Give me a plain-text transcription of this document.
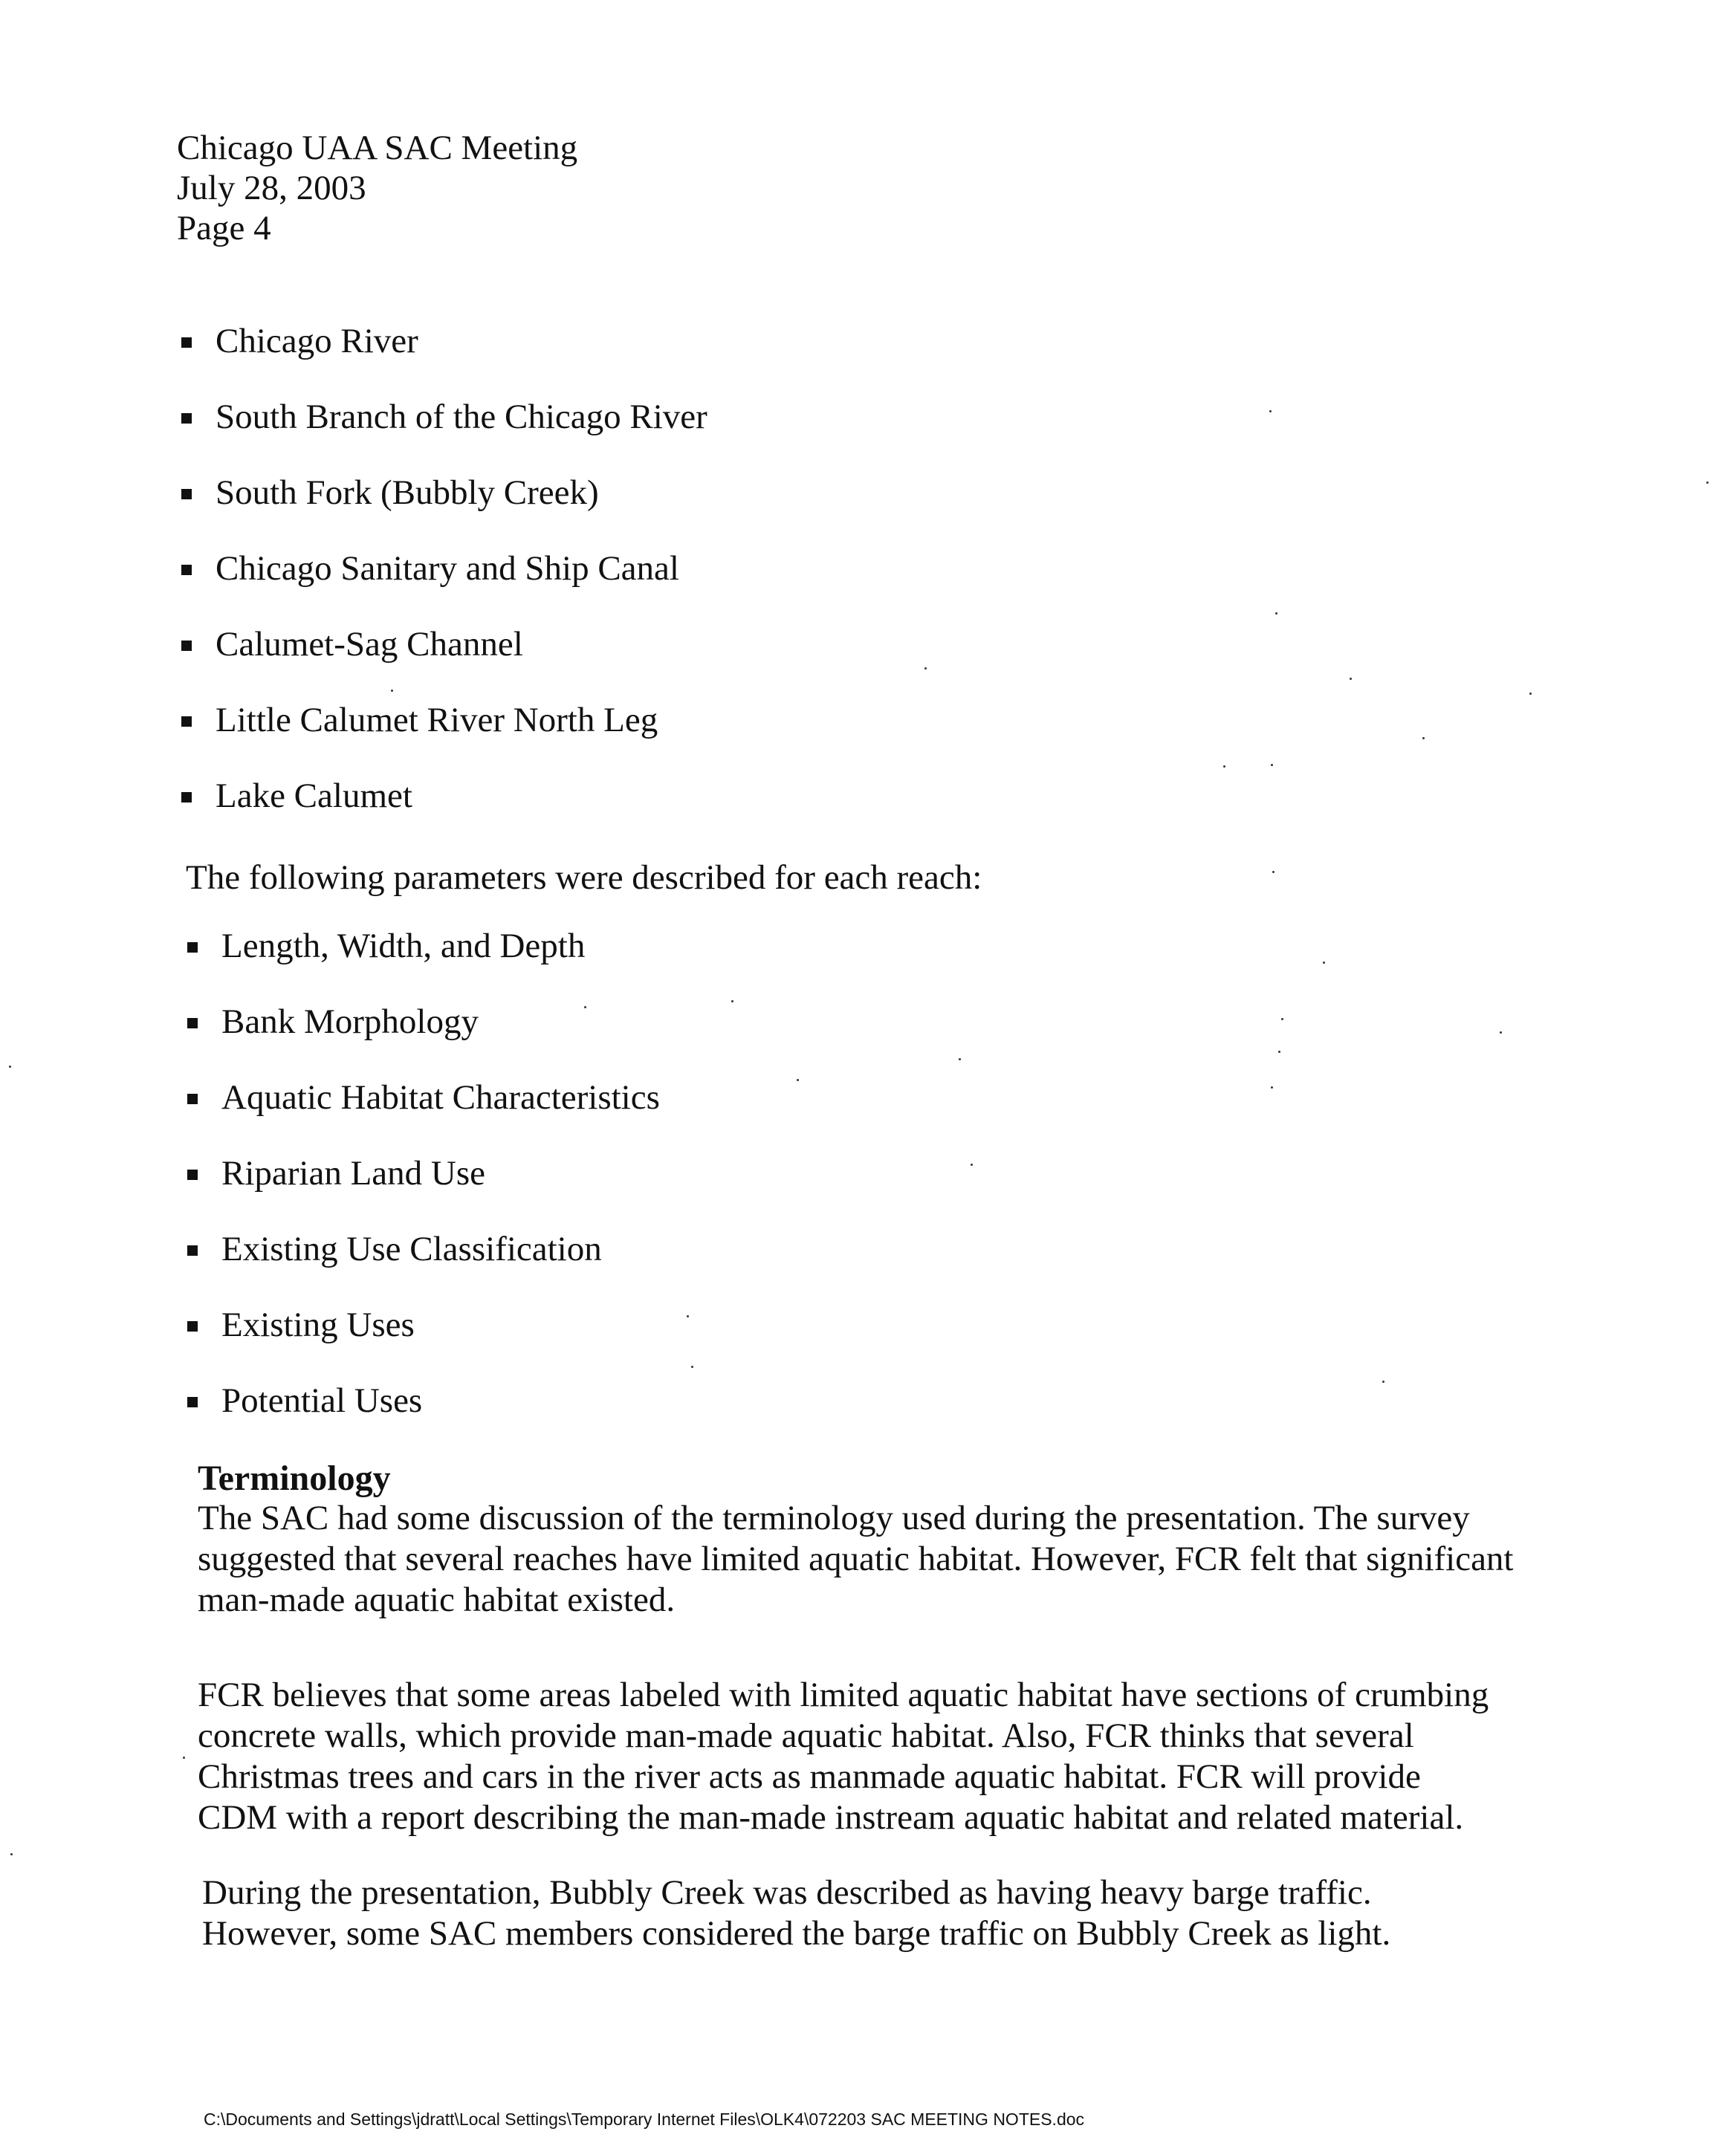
Chicago UAA SAC Meeting
July 28, 2003
Page 4
Chicago River
South Branch of the Chicago River
South Fork (Bubbly Creek)
Chicago Sanitary and Ship Canal
Calumet-Sag Channel
Little Calumet River North Leg
Lake Calumet
The following parameters were described for each reach:
Length, Width, and Depth
Bank Morphology
Aquatic Habitat Characteristics
Riparian Land Use
Existing Use Classification
Existing Uses
Potential Uses
Terminology

The SAC had some discussion of the terminology used during the presentation. The survey
suggested that several reaches have limited aquatic habitat. However, FCR felt that significant
man-made aquatic habitat existed.

FCR believes that some areas labeled with limited aquatic habitat have sections of crumbing
concrete walls, which provide man-made aquatic habitat. Also, FCR thinks that several
Christmas trees and cars in the river acts as manmade aquatic habitat. FCR will provide
CDM with a report describing the man-made instream aquatic habitat and related material.

During the presentation, Bubbly Creek was described as having heavy barge traffic.
However, some SAC members considered the barge traffic on Bubbly Creek as light.

C:\Documents and Settings\jdratt\Local Settings\Temporary Internet Files\OLK4\072203 SAC MEETING NOTES.doc
